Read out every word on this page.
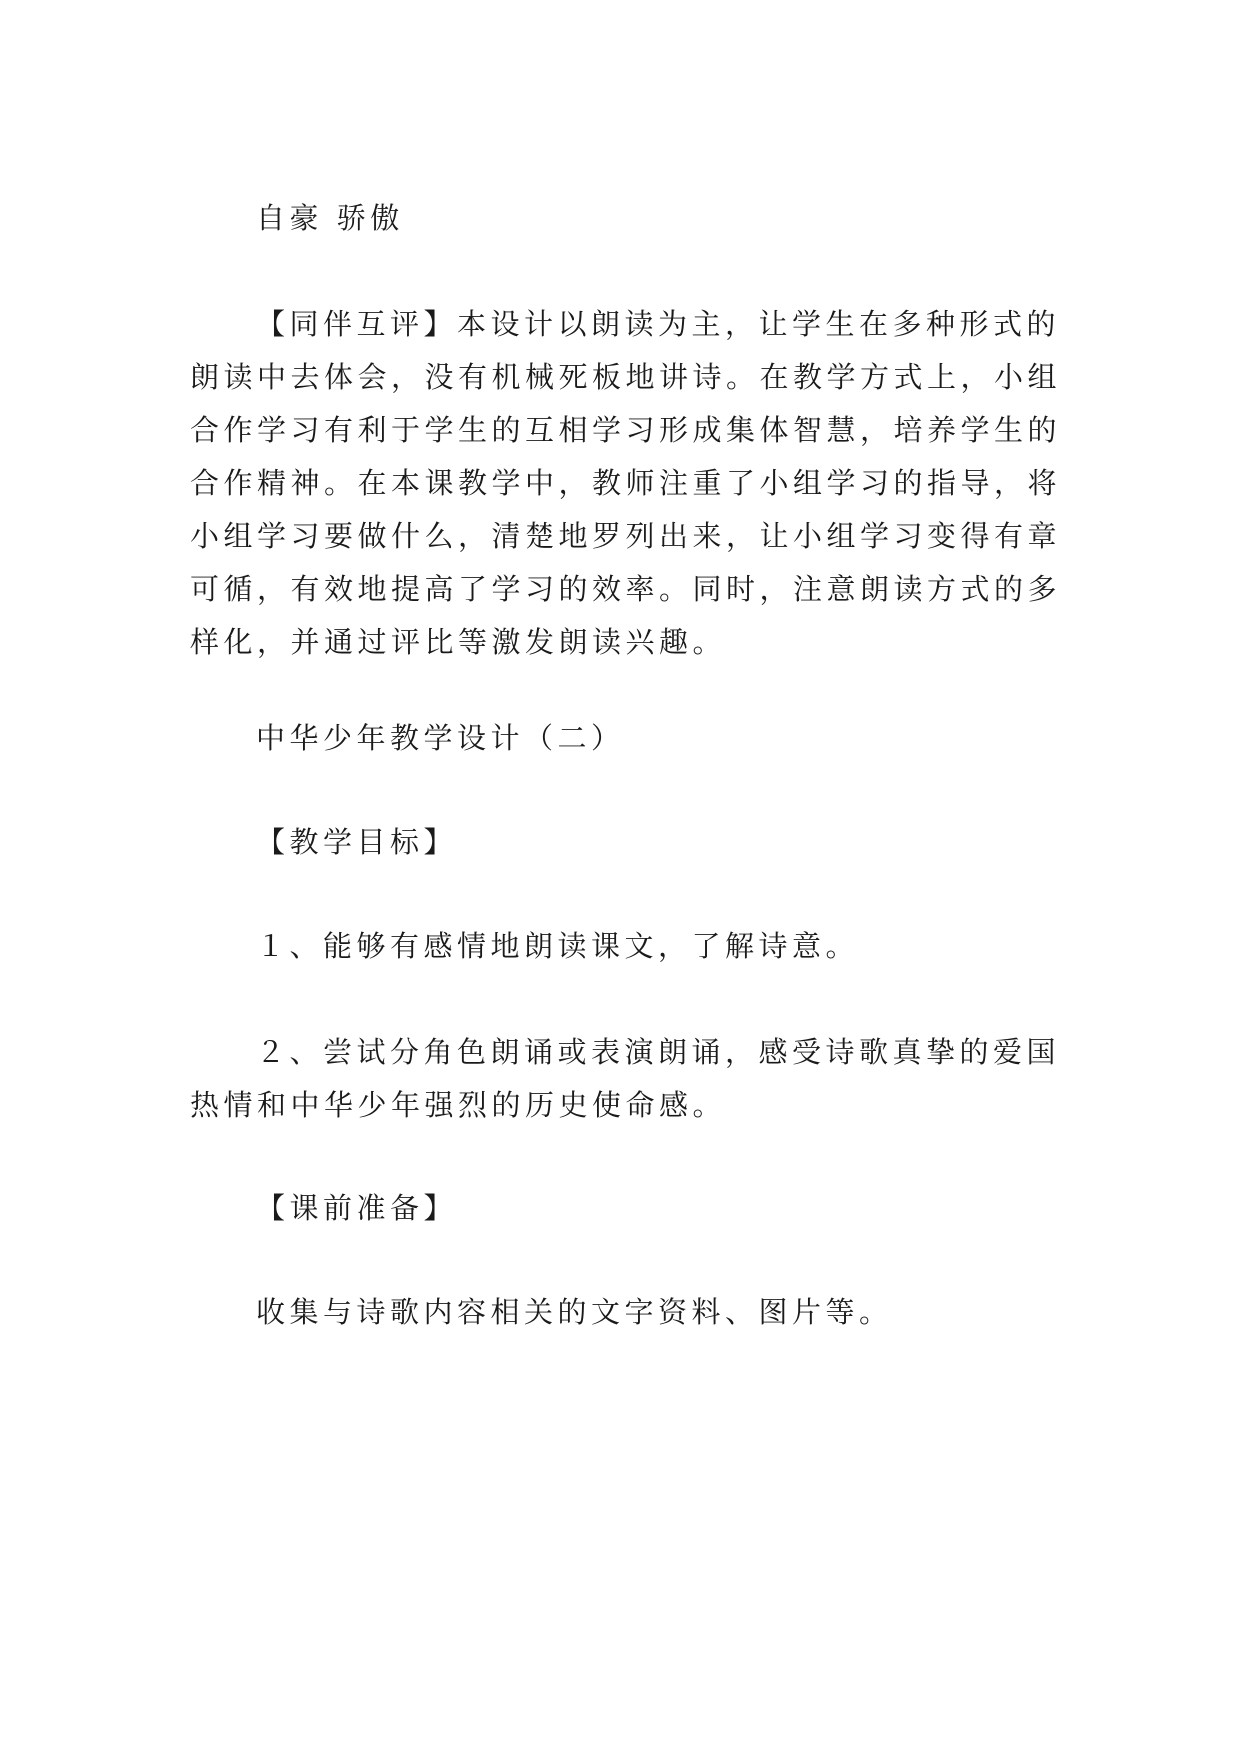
自豪 骄傲

【同伴互评】本设计以朗读为主，让学生在多种形式的
朗读中去体会，没有机械死板地讲诗。在教学方式上，小组
合作学习有利于学生的互相学习形成集体智慧，培养学生的
合作精神。在本课教学中，教师注重了小组学习的指导，将
小组学习要做什么，清楚地罗列出来，让小组学习变得有章
可循，有效地提高了学习的效率。同时，注意朗读方式的多
样化，并通过评比等激发朗读兴趣。

中华少年教学设计（二）

【教学目标】

１、能够有感情地朗读课文，了解诗意。

２、尝试分角色朗诵或表演朗诵，感受诗歌真挚的爱国
热情和中华少年强烈的历史使命感。

【课前准备】

收集与诗歌内容相关的文字资料、图片等。
